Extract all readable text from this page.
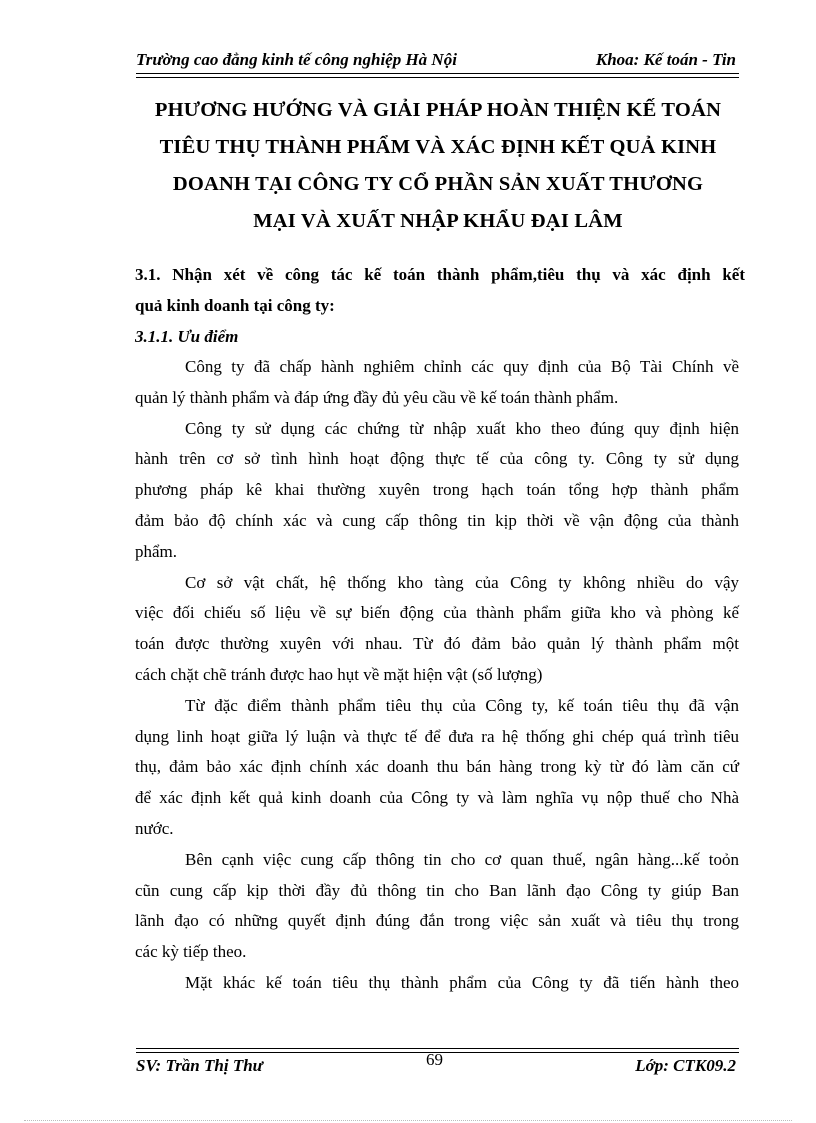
Trường cao đẳng kinh tế công nghiệp Hà Nội	Khoa: Kế toán - Tin
PHƯƠNG HƯỚNG VÀ GIẢI PHÁP HOÀN THIỆN KẾ TOÁN
TIÊU THỤ THÀNH PHẨM VÀ XÁC ĐỊNH KẾT QUẢ KINH
DOANH TẠI CÔNG TY CỔ PHẦN SẢN XUẤT THƯƠNG
MẠI VÀ XUẤT NHẬP KHẨU ĐẠI LÂM
3.1. Nhận xét về công tác kế toán thành phẩm,tiêu thụ và xác định kết
quả kinh doanh tại công ty:
3.1.1. Ưu điểm
Công ty đã chấp hành nghiêm chỉnh các quy định của Bộ Tài Chính về
quản lý thành phẩm và đáp ứng đầy đủ yêu cầu về kế toán thành phẩm.
Công ty sử dụng các chứng từ nhập xuất kho theo đúng quy định hiện
hành trên cơ sở tình hình hoạt động thực tế của công ty. Công ty sử dụng
phương pháp kê khai thường xuyên trong hạch toán tổng hợp thành phẩm
đảm bảo độ chính xác và cung cấp thông tin kịp thời về vận động của thành
phẩm.
Cơ sở vật chất, hệ thống kho tàng của Công ty không nhiều do vậy
việc đối chiếu số liệu về sự biến động của thành phẩm giữa kho và phòng kế
toán được thường xuyên với nhau. Từ đó đảm bảo quản lý thành phẩm một
cách chặt chẽ tránh được hao hụt về mặt hiện vật (số lượng)
Từ đặc điểm thành phẩm tiêu thụ của Công ty, kế toán tiêu thụ đã vận
dụng linh hoạt giữa lý luận và thực tế để đưa ra hệ thống ghi chép quá trình tiêu
thụ, đảm bảo xác định chính xác doanh thu bán hàng trong kỳ từ đó làm căn cứ
để xác định kết quả kinh doanh của Công ty và làm nghĩa vụ nộp thuế cho Nhà
nước.
Bên cạnh việc cung cấp thông tin cho cơ quan thuế, ngân hàng...kế toỏn
cũn cung cấp kịp thời đầy đủ thông tin cho Ban lãnh đạo Công ty giúp Ban
lãnh đạo có những quyết định đúng đắn trong việc sản xuất và tiêu thụ trong
các kỳ tiếp theo.
Mặt khác kế toán tiêu thụ thành phẩm của Công ty đã tiến hành theo
SV: Trần Thị Thư	69	Lớp: CTK09.2
